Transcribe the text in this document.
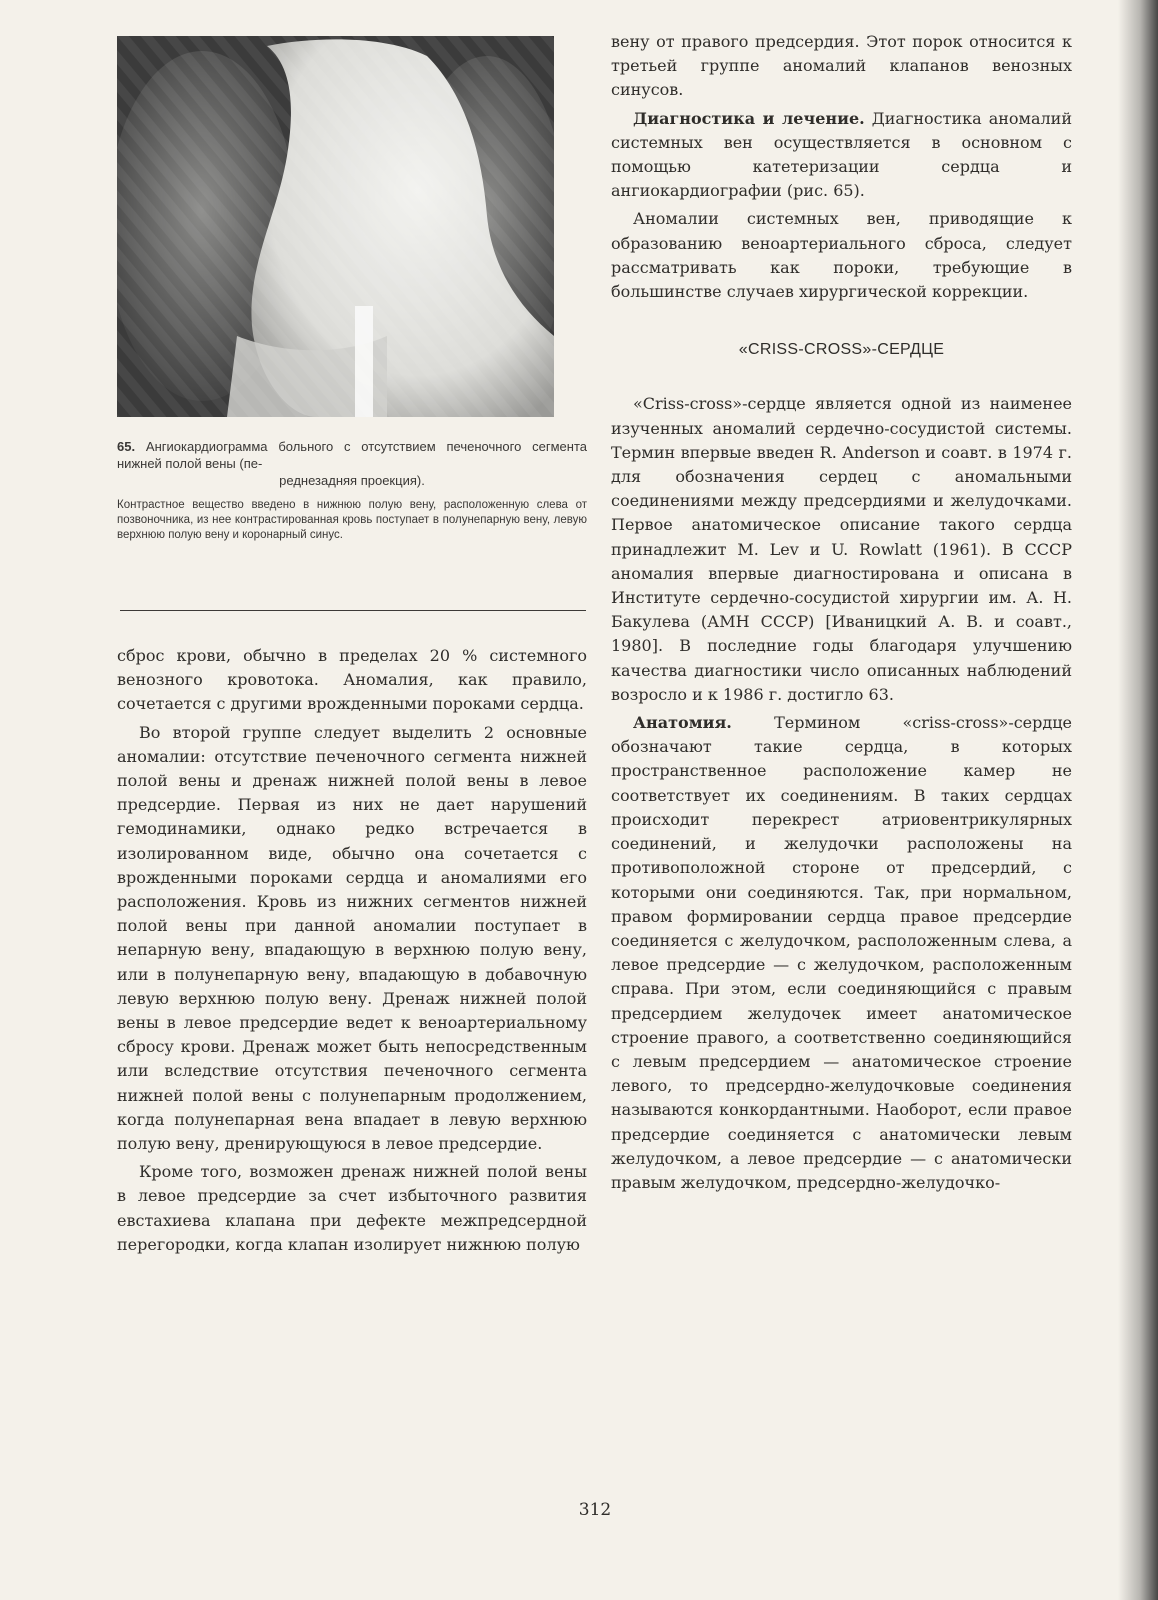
65. Ангиокардиограмма больного с отсутствием печеночного сегмента нижней полой вены (пе-
реднезадняя проекция).

Контрастное вещество введено в нижнюю полую вену, расположенную слева от позвоночника, из нее контрастированная кровь поступает в полунепарную вену, левую верхнюю полую вену и коронарный синус.

сброс крови, обычно в пределах 20 % системного венозного кровотока. Аномалия, как правило, сочетается с другими врожденными пороками сердца.

Во второй группе следует выделить 2 основные аномалии: отсутствие печеночного сегмента нижней полой вены и дренаж нижней полой вены в левое предсердие. Первая из них не дает нарушений гемодинамики, однако редко встречается в изолированном виде, обычно она сочетается с врожденными пороками сердца и аномалиями его расположения. Кровь из нижних сегментов нижней полой вены при данной аномалии поступает в непарную вену, впадающую в верхнюю полую вену, или в полунепарную вену, впадающую в добавочную левую верхнюю полую вену. Дренаж нижней полой вены в левое предсердие ведет к веноартериальному сбросу крови. Дренаж может быть непосредственным или вследствие отсутствия печеночного сегмента нижней полой вены с полунепарным продолжением, когда полунепарная вена впадает в левую верхнюю полую вену, дренирующуюся в левое предсердие.

Кроме того, возможен дренаж нижней полой вены в левое предсердие за счет избыточного развития евстахиева клапана при дефекте межпредсердной перегородки, когда клапан изолирует нижнюю полую

вену от правого предсердия. Этот порок относится к третьей группе аномалий клапанов венозных синусов.

Диагностика и лечение. Диагностика аномалий системных вен осуществляется в основном с помощью катетеризации сердца и ангиокардиографии (рис. 65).

Аномалии системных вен, приводящие к образованию веноартериального сброса, следует рассматривать как пороки, требующие в большинстве случаев хирургической коррекции.

«CRISS-CROSS»-СЕРДЦЕ

«Criss-cross»-сердце является одной из наименее изученных аномалий сердечно-сосудистой системы. Термин впервые введен R. Anderson и соавт. в 1974 г. для обозначения сердец с аномальными соединениями между предсердиями и желудочками. Первое анатомическое описание такого сердца принадлежит M. Lev и U. Rowlatt (1961). В СССР аномалия впервые диагностирована и описана в Институте сердечно-сосудистой хирургии им. А. Н. Бакулева (АМН СССР) [Иваницкий А. В. и соавт., 1980]. В последние годы благодаря улучшению качества диагностики число описанных наблюдений возросло и к 1986 г. достигло 63.

Анатомия. Термином «criss-cross»-сердце обозначают такие сердца, в которых пространственное расположение камер не соответствует их соединениям. В таких сердцах происходит перекрест атриовентрикулярных соединений, и желудочки расположены на противоположной стороне от предсердий, с которыми они соединяются. Так, при нормальном, правом формировании сердца правое предсердие соединяется с желудочком, расположенным слева, а левое предсердие — с желудочком, расположенным справа. При этом, если соединяющийся с правым предсердием желудочек имеет анатомическое строение правого, а соответственно соединяющийся с левым предсердием — анатомическое строение левого, то предсердно-желудочковые соединения называются конкордантными. Наоборот, если правое предсердие соединяется с анатомически левым желудочком, а левое предсердие — с анатомически правым желудочком, предсердно-желудочко-

312
